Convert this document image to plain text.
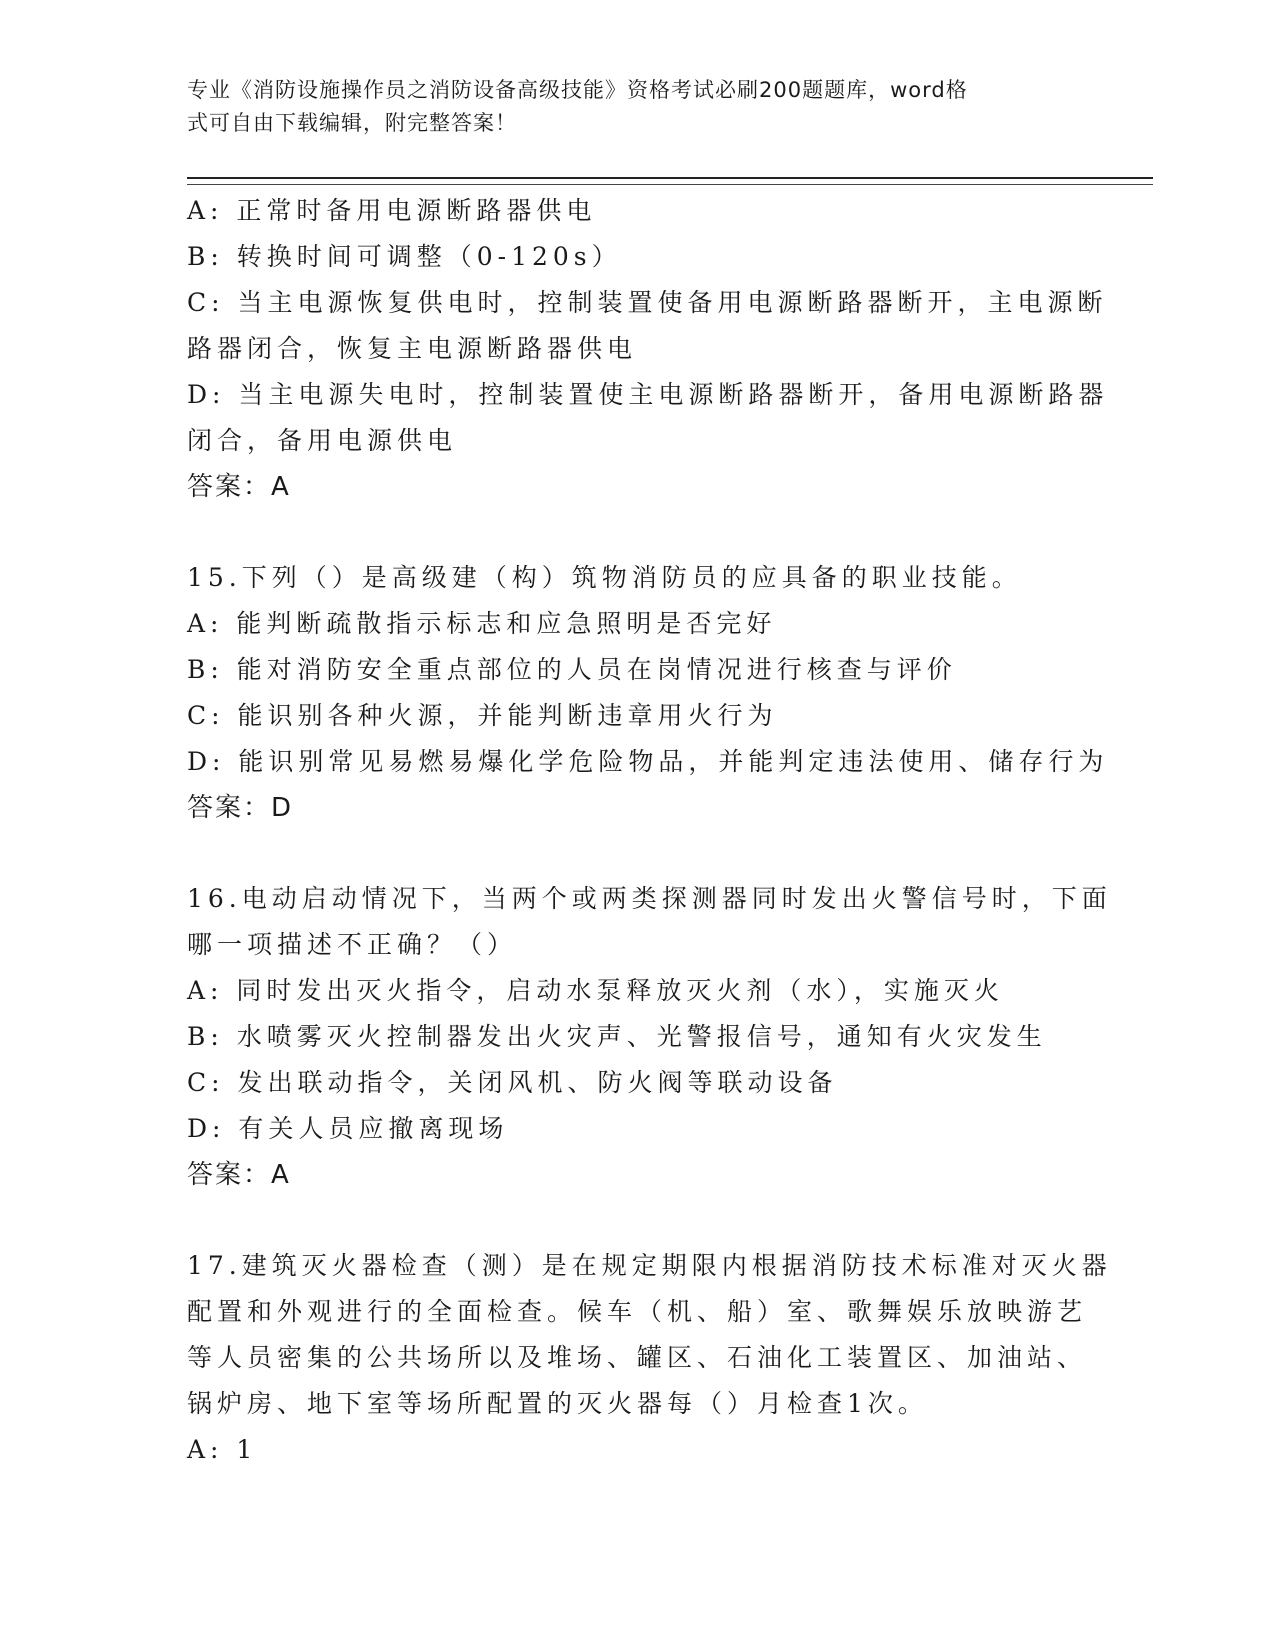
专业《消防设施操作员之消防设备高级技能》资格考试必刷200题题库，word格
式可自由下载编辑，附完整答案！
A: 正常时备用电源断路器供电
B: 转换时间可调整（0-120s）
C: 当主电源恢复供电时，控制装置使备用电源断路器断开，主电源断
路器闭合，恢复主电源断路器供电
D: 当主电源失电时，控制装置使主电源断路器断开，备用电源断路器
闭合，备用电源供电
答案：A
15.下列（）是高级建（构）筑物消防员的应具备的职业技能。
A: 能判断疏散指示标志和应急照明是否完好
B: 能对消防安全重点部位的人员在岗情况进行核查与评价
C: 能识别各种火源，并能判断违章用火行为
D: 能识别常见易燃易爆化学危险物品，并能判定违法使用、储存行为
答案：D
16.电动启动情况下，当两个或两类探测器同时发出火警信号时，下面
哪一项描述不正确？（）
A: 同时发出灭火指令，启动水泵释放灭火剂（水），实施灭火
B: 水喷雾灭火控制器发出火灾声、光警报信号，通知有火灾发生
C: 发出联动指令，关闭风机、防火阀等联动设备
D: 有关人员应撤离现场
答案：A
17.建筑灭火器检查（测）是在规定期限内根据消防技术标准对灭火器
配置和外观进行的全面检查。候车（机、船）室、歌舞娱乐放映游艺
等人员密集的公共场所以及堆场、罐区、石油化工装置区、加油站、
锅炉房、地下室等场所配置的灭火器每（）月检查1次。
A: 1
